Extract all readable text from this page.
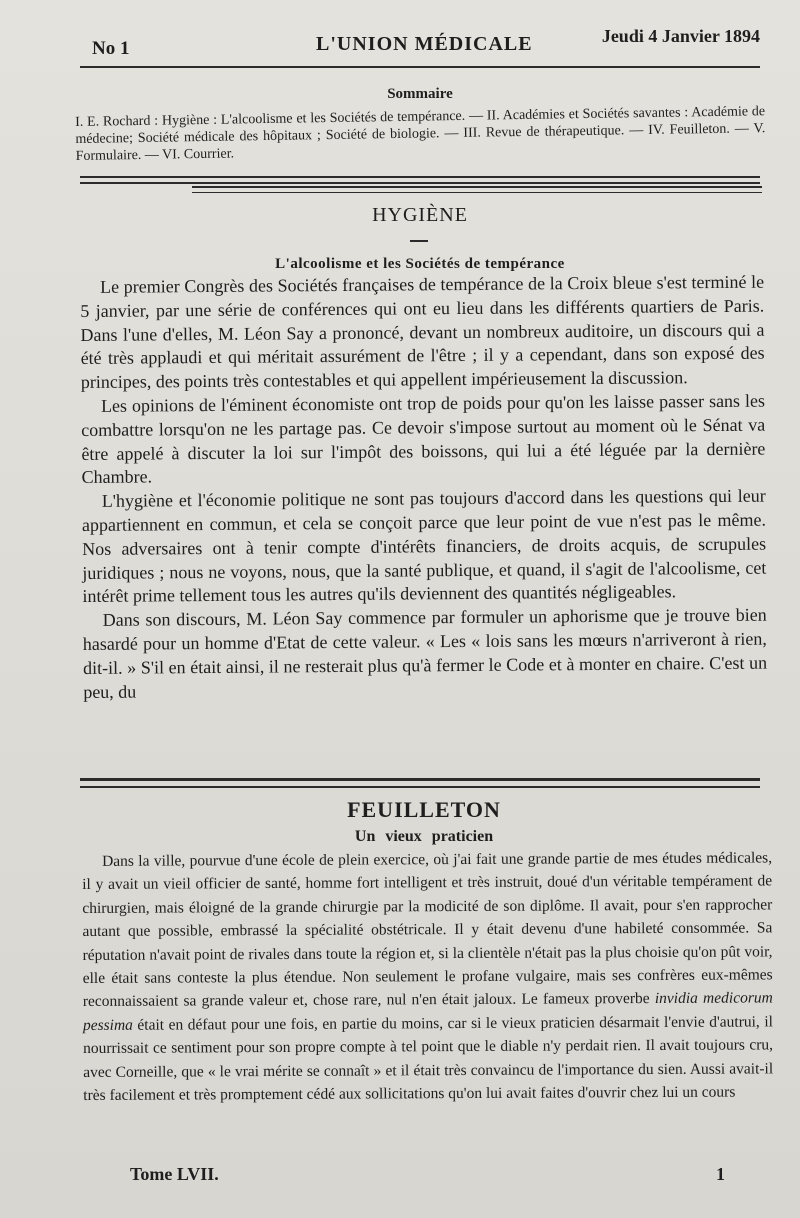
No 1	L'UNION MÉDICALE	Jeudi 4 Janvier 1894
Sommaire
I. E. Rochard : Hygiène : L'alcoolisme et les Sociétés de tempérance. — II. Académies et Sociétés savantes : Académie de médecine; Société médicale des hôpitaux ; Société de biologie. — III. Revue de thérapeutique. — IV. Feuilleton. — V. Formulaire. — VI. Courrier.
HYGIÈNE
L'alcoolisme et les Sociétés de tempérance

Le premier Congrès des Sociétés françaises de tempérance de la Croix bleue s'est terminé le 5 janvier, par une série de conférences qui ont eu lieu dans les différents quartiers de Paris. Dans l'une d'elles, M. Léon Say a prononcé, devant un nombreux auditoire, un discours qui a été très applaudi et qui méritait assurément de l'être ; il y a cependant, dans son exposé des principes, des points très contestables et qui appellent impérieusement la discussion.

Les opinions de l'éminent économiste ont trop de poids pour qu'on les laisse passer sans les combattre lorsqu'on ne les partage pas. Ce devoir s'impose surtout au moment où le Sénat va être appelé à discuter la loi sur l'impôt des boissons, qui lui a été léguée par la dernière Chambre.

L'hygiène et l'économie politique ne sont pas toujours d'accord dans les questions qui leur appartiennent en commun, et cela se conçoit parce que leur point de vue n'est pas le même. Nos adversaires ont à tenir compte d'intérêts financiers, de droits acquis, de scrupules juridiques ; nous ne voyons, nous, que la santé publique, et quand, il s'agit de l'alcoolisme, cet intérêt prime tellement tous les autres qu'ils deviennent des quantités négligeables.

Dans son discours, M. Léon Say commence par formuler un aphorisme que je trouve bien hasardé pour un homme d'Etat de cette valeur. « Les « lois sans les mœurs n'arriveront à rien, dit-il. » S'il en était ainsi, il ne resterait plus qu'à fermer le Code et à monter en chaire. C'est un peu, du

FEUILLETON
Un vieux praticien

Dans la ville, pourvue d'une école de plein exercice, où j'ai fait une grande partie de mes études médicales, il y avait un vieil officier de santé, homme fort intelligent et très instruit, doué d'un véritable tempérament de chirurgien, mais éloigné de la grande chirurgie par la modicité de son diplôme. Il avait, pour s'en rapprocher autant que possible, embrassé la spécialité obstétricale. Il y était devenu d'une habileté consommée. Sa réputation n'avait point de rivales dans toute la région et, si la clientèle n'était pas la plus choisie qu'on pût voir, elle était sans conteste la plus étendue. Non seulement le profane vulgaire, mais ses confrères eux-mêmes reconnaissaient sa grande valeur et, chose rare, nul n'en était jaloux. Le fameux proverbe invidia medicorum pessima était en défaut pour une fois, en partie du moins, car si le vieux praticien désarmait l'envie d'autrui, il nourrissait ce sentiment pour son propre compte à tel point que le diable n'y perdait rien. Il avait toujours cru, avec Corneille, que « le vrai mérite se connaît » et il était très convaincu de l'importance du sien. Aussi avait-il très facilement et très promptement cédé aux sollicitations qu'on lui avait faites d'ouvrir chez lui un cours

Tome LVII.	1
